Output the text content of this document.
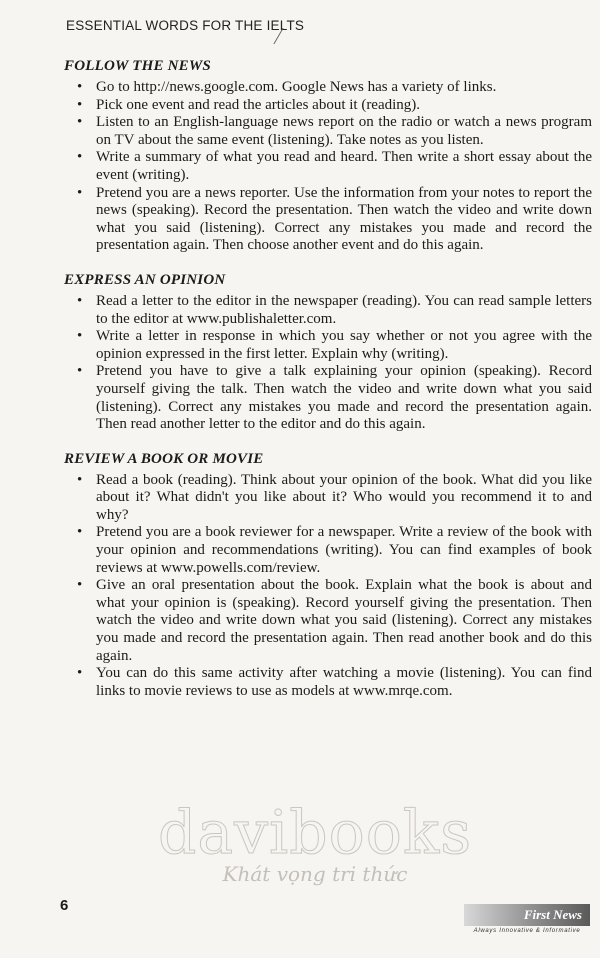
ESSENTIAL WORDS FOR THE IELTS
FOLLOW THE NEWS
• Go to http://news.google.com. Google News has a variety of links.
• Pick one event and read the articles about it (reading).
• Listen to an English-language news report on the radio or watch a news program on TV about the same event (listening). Take notes as you listen.
• Write a summary of what you read and heard. Then write a short essay about the event (writing).
• Pretend you are a news reporter. Use the information from your notes to report the news (speaking). Record the presentation. Then watch the video and write down what you said (listening). Correct any mistakes you made and record the presentation again. Then choose another event and do this again.
EXPRESS AN OPINION
• Read a letter to the editor in the newspaper (reading). You can read sample letters to the editor at www.publishaletter.com.
• Write a letter in response in which you say whether or not you agree with the opinion expressed in the first letter. Explain why (writing).
• Pretend you have to give a talk explaining your opinion (speaking). Record yourself giving the talk. Then watch the video and write down what you said (listening). Correct any mistakes you made and record the presentation again. Then read another letter to the editor and do this again.
REVIEW A BOOK OR MOVIE
• Read a book (reading). Think about your opinion of the book. What did you like about it? What didn't you like about it? Who would you recommend it to and why?
• Pretend you are a book reviewer for a newspaper. Write a review of the book with your opinion and recommendations (writing). You can find examples of book reviews at www.powells.com/review.
• Give an oral presentation about the book. Explain what the book is about and what your opinion is (speaking). Record yourself giving the presentation. Then watch the video and write down what you said (listening). Correct any mistakes you made and record the presentation again. Then read another book and do this again.
• You can do this same activity after watching a movie (listening). You can find links to movie reviews to use as models at www.mrqe.com.
davibooks
Khát vọng tri thức
6
First News
Always Innovative & Informative
